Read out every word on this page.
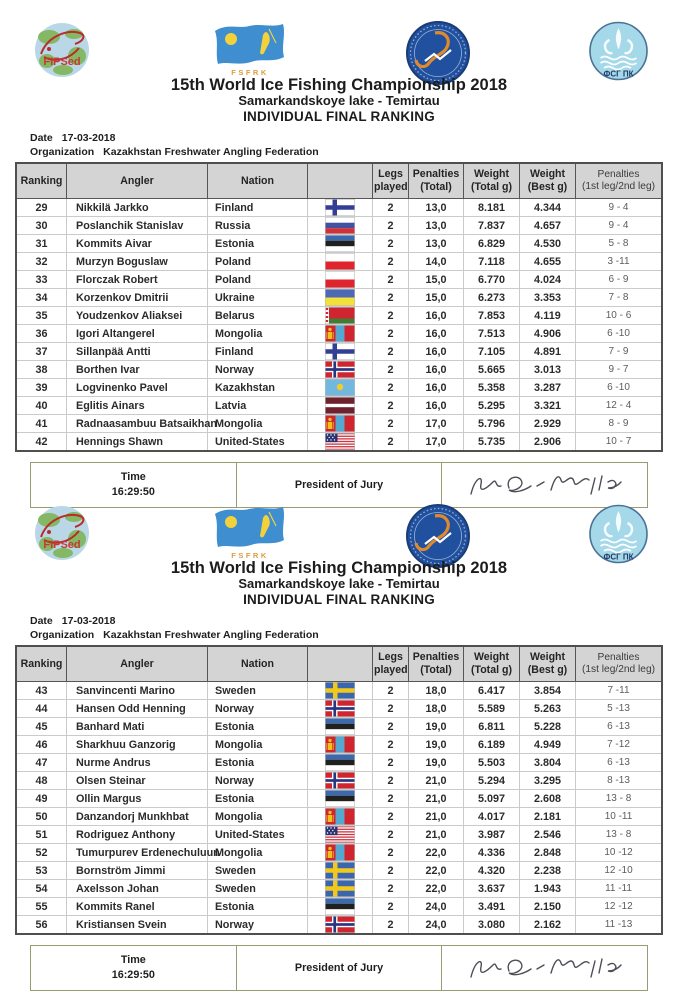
FIPSed
FSFRK	ФСГ ПК
15th World Ice Fishing Championship 2018
Samarkandskoye lake - Temirtau
INDIVIDUAL FINAL RANKING
Date 17-03-2018
Organization Kazakhstan Freshwater Angling Federation
Ranking	Angler	Nation

Legs
played

Penalties
(Total)

Weight
(Total g)

Weight
(Best g)

Penalties
(1st leg/2nd leg)

29	Nikkilä Jarkko	Finland		2	13,0	8.181	4.344	9 - 4
30	Poslanchik Stanislav	Russia		2	13,0	7.837	4.657	9 - 4
31	Kommits Aivar	Estonia		2	13,0	6.829	4.530	5 - 8
32	Murzyn Boguslaw	Poland		2	14,0	7.118	4.655	3 -11
33	Florczak Robert	Poland		2	15,0	6.770	4.024	6 - 9
34	Korzenkov Dmitrii	Ukraine		2	15,0	6.273	3.353	7 - 8
35	Youdzenkov Aliaksei	Belarus		2	16,0	7.853	4.119	10 - 6
36	Igori Altangerel	Mongolia		2	16,0	7.513	4.906	6 -10
37	Sillanpää Antti	Finland		2	16,0	7.105	4.891	7 - 9
38	Borthen Ivar	Norway		2	16,0	5.665	3.013	9 - 7
39	Logvinenko Pavel	Kazakhstan		2	16,0	5.358	3.287	6 -10
40	Eglitis Ainars	Latvia		2	16,0	5.295	3.321	12 - 4
41	Radnaasambuu Batsaikhan	Mongolia		2	17,0	5.796	2.929	8 - 9
42	Hennings Shawn	United-States		2	17,0	5.735	2.906	10 - 7
Time
16:29:50
	President of Jury	
FIPSed
FSFRK	ФСГ ПК
15th World Ice Fishing Championship 2018
Samarkandskoye lake - Temirtau
INDIVIDUAL FINAL RANKING
Date 17-03-2018
Organization Kazakhstan Freshwater Angling Federation
Ranking	Angler	Nation

Legs
played

Penalties
(Total)

Weight
(Total g)

Weight
(Best g)

Penalties
(1st leg/2nd leg)

43	Sanvincenti Marino	Sweden		2	18,0	6.417	3.854	7 -11
44	Hansen Odd Henning	Norway		2	18,0	5.589	5.263	5 -13
45	Banhard Mati	Estonia		2	19,0	6.811	5.228	6 -13
46	Sharkhuu Ganzorig	Mongolia		2	19,0	6.189	4.949	7 -12
47	Nurme Andrus	Estonia		2	19,0	5.503	3.804	6 -13
48	Olsen Steinar	Norway		2	21,0	5.294	3.295	8 -13
49	Ollin Margus	Estonia		2	21,0	5.097	2.608	13 - 8
50	Danzandorj Munkhbat	Mongolia		2	21,0	4.017	2.181	10 -11
51	Rodriguez Anthony	United-States		2	21,0	3.987	2.546	13 - 8
52	Tumurpurev Erdenechuluun	Mongolia		2	22,0	4.336	2.848	10 -12
53	Bornström Jimmi	Sweden		2	22,0	4.320	2.238	12 -10
54	Axelsson Johan	Sweden		2	22,0	3.637	1.943	11 -11
55	Kommits Ranel	Estonia		2	24,0	3.491	2.150	12 -12
56	Kristiansen Svein	Norway		2	24,0	3.080	2.162	11 -13
Time
16:29:50
	President of Jury	
